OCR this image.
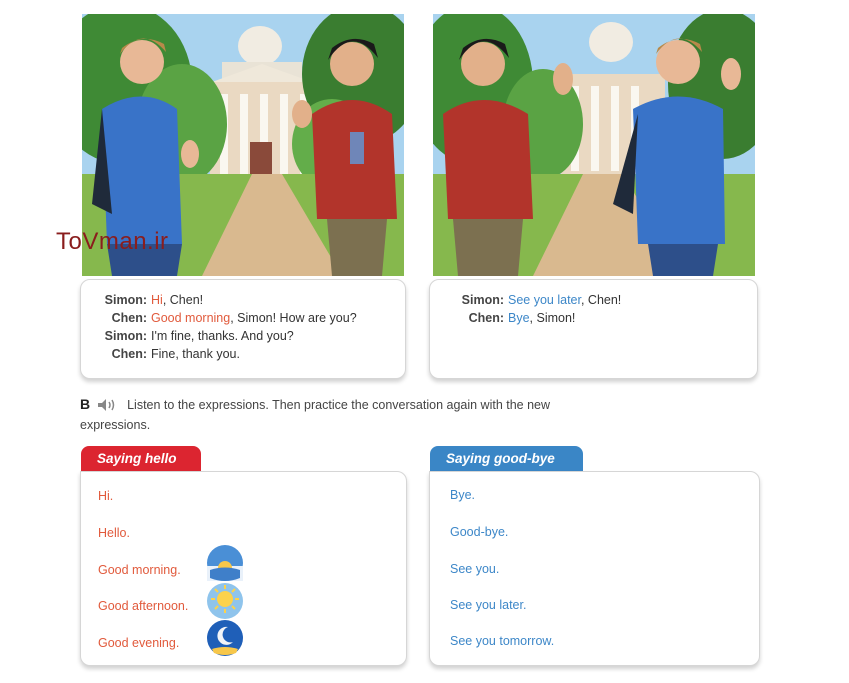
ToVman.ir
Simon: Hi, Chen!
Chen: Good morning, Simon! How are you?
Simon: I'm fine, thanks. And you?
Chen: Fine, thank you.
Simon: See you later, Chen!
Chen: Bye, Simon!
B	Listen to the expressions. Then practice the conversation again with the new expressions.
Saying hello
Hi.
Hello.
Good morning.
Good afternoon.
Good evening.
Saying good-bye
Bye.
Good-bye.
See you.
See you later.
See you tomorrow.
